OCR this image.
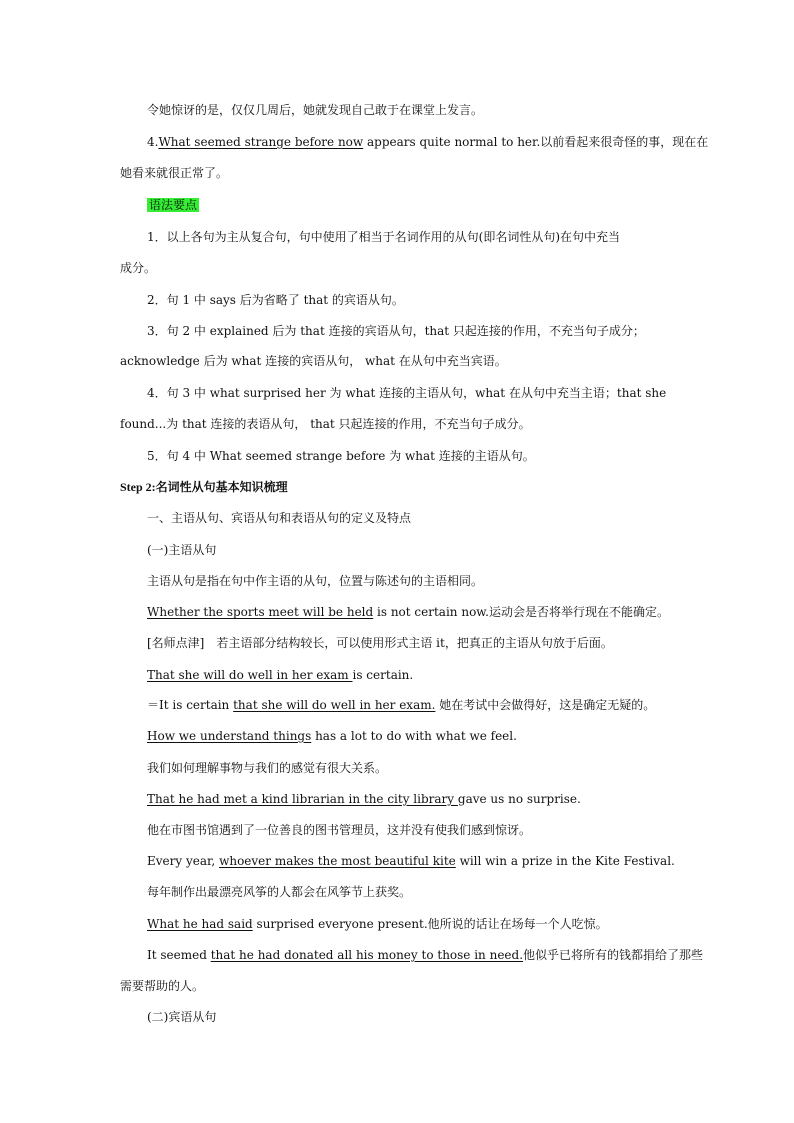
令她惊讶的是，仅仅几周后，她就发现自己敢于在课堂上发言。
4.What seemed strange before now appears quite normal to her.以前看起来很奇怪的事，现在在
她看来就很正常了。
语法要点
1．以上各句为主从复合句，句中使用了相当于名词作用的从句(即名词性从句)在句中充当
成分。
2．句 1 中 says 后为省略了 that 的宾语从句。
3．句 2 中 explained 后为 that 连接的宾语从句，that 只起连接的作用，不充当句子成分；
acknowledge 后为 what 连接的宾语从句， what 在从句中充当宾语。
4．句 3 中 what surprised her 为 what 连接的主语从句，what 在从句中充当主语；that she
found...为 that 连接的表语从句， that 只起连接的作用，不充当句子成分。
5．句 4 中 What seemed strange before 为 what 连接的主语从句。
Step 2:名词性从句基本知识梳理
一、主语从句、宾语从句和表语从句的定义及特点
(一)主语从句
主语从句是指在句中作主语的从句，位置与陈述句的主语相同。
Whether the sports meet will be held is not certain now.运动会是否将举行现在不能确定。
[名师点津]　若主语部分结构较长，可以使用形式主语 it，把真正的主语从句放于后面。
That she will do well in her exam is certain.
＝It is certain that she will do well in her exam. 她在考试中会做得好，这是确定无疑的。
How we understand things has a lot to do with what we feel.
我们如何理解事物与我们的感觉有很大关系。
That he had met a kind librarian in the city library gave us no surprise.
他在市图书馆遇到了一位善良的图书管理员，这并没有使我们感到惊讶。
Every year, whoever makes the most beautiful kite will win a prize in the Kite Festival.
每年制作出最漂亮风筝的人都会在风筝节上获奖。
What he had said surprised everyone present.他所说的话让在场每一个人吃惊。
It seemed that he had donated all his money to those in need.他似乎已将所有的钱都捐给了那些
需要帮助的人。
(二)宾语从句
